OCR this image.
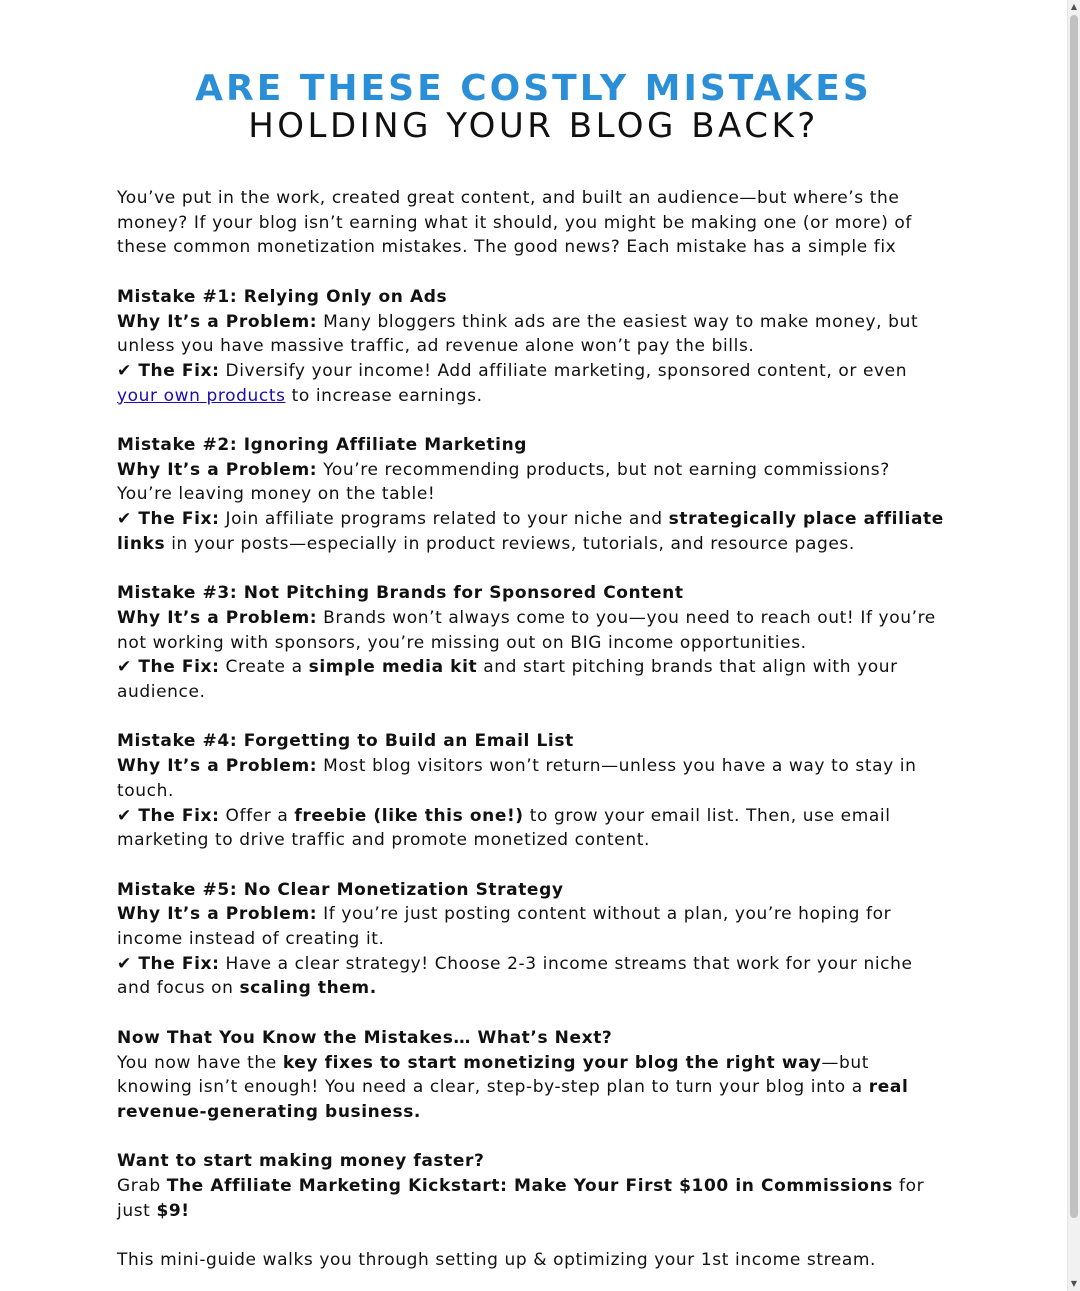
ARE THESE COSTLY MISTAKES
HOLDING YOUR BLOG BACK?

You’ve put in the work, created great content, and built an audience—but where’s the money? If your blog isn’t earning what it should, you might be making one (or more) of these common monetization mistakes. The good news? Each mistake has a simple fix

Mistake #1: Relying Only on Ads

Why It’s a Problem: Many bloggers think ads are the easiest way to make money, but unless you have massive traffic, ad revenue alone won’t pay the bills.

✔ The Fix: Diversify your income! Add affiliate marketing, sponsored content, or even your own products to increase earnings.

Mistake #2: Ignoring Affiliate Marketing

Why It’s a Problem: You’re recommending products, but not earning commissions? You’re leaving money on the table!

✔ The Fix: Join affiliate programs related to your niche and strategically place affiliate links in your posts—especially in product reviews, tutorials, and resource pages.

Mistake #3: Not Pitching Brands for Sponsored Content

Why It’s a Problem: Brands won’t always come to you—you need to reach out! If you’re not working with sponsors, you’re missing out on BIG income opportunities.

✔ The Fix: Create a simple media kit and start pitching brands that align with your audience.

Mistake #4: Forgetting to Build an Email List

Why It’s a Problem: Most blog visitors won’t return—unless you have a way to stay in touch.

✔ The Fix: Offer a freebie (like this one!) to grow your email list. Then, use email marketing to drive traffic and promote monetized content.

Mistake #5: No Clear Monetization Strategy

Why It’s a Problem: If you’re just posting content without a plan, you’re hoping for income instead of creating it.

✔ The Fix: Have a clear strategy! Choose 2-3 income streams that work for your niche and focus on scaling them.

Now That You Know the Mistakes… What’s Next?

You now have the key fixes to start monetizing your blog the right way—but knowing isn’t enough! You need a clear, step-by-step plan to turn your blog into a real revenue-generating business.

Want to start making money faster?

Grab The Affiliate Marketing Kickstart: Make Your First $100 in Commissions for just $9!

This mini-guide walks you through setting up & optimizing your 1st income stream.

▲
▼
